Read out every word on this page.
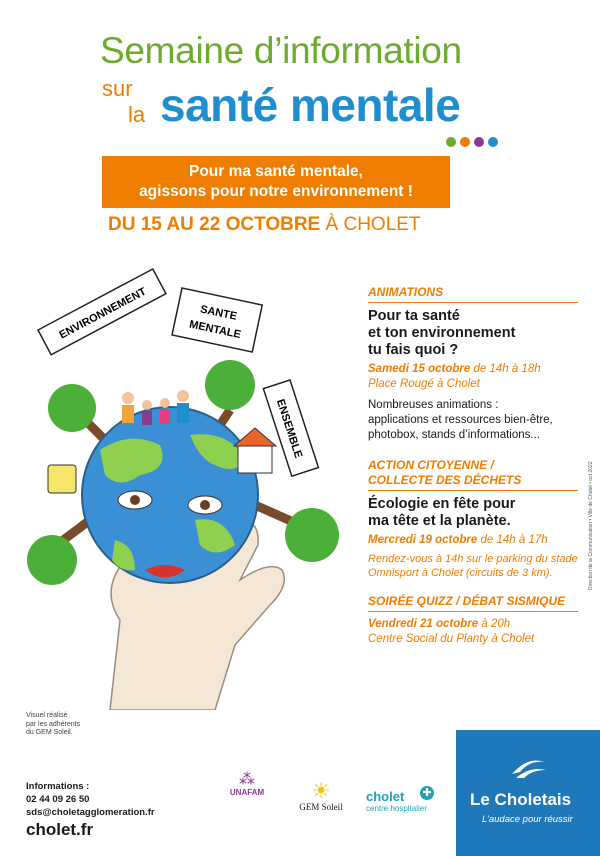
Semaine d’information
sur
la santé mentale
Pour ma santé mentale,
agissons pour notre environnement !
DU 15 AU 22 OCTOBRE À CHOLET
ENVIRONNEMENT	SANTE
MENTALE
ENSEMBLE
ANIMATIONS
Pour ta santé
et ton environnement
tu fais quoi ?
Samedi 15 octobre de 14h à 18h
Place Rougé à Cholet
Nombreuses animations :
applications et ressources bien-être,
photobox, stands d’informations...
ACTION CITOYENNE /
COLLECTE DES DÉCHETS
Écologie en fête pour
ma tête et la planète.
Mercredi 19 octobre de 14h à 17h
Rendez-vous à 14h sur le parking du stade
Omnisport à Cholet (circuits de 3 km).
SOIRÉE QUIZZ / DÉBAT SISMIQUE
Vendredi 21 octobre à 20h
Centre Social du Planty à Cholet
Visuel réalisé
par les adhérents
du GEM Soleil.
Informations :
02 44 09 26 50
sds@choletagglomeration.fr
cholet.fr
⁂
UNAFAM	☀
GEM Soleil
cholet
centre hospitalier
✚ Le Choletais
L’audace pour réussir
Direction de la Communication • Ville de Cholet • oct 2022
